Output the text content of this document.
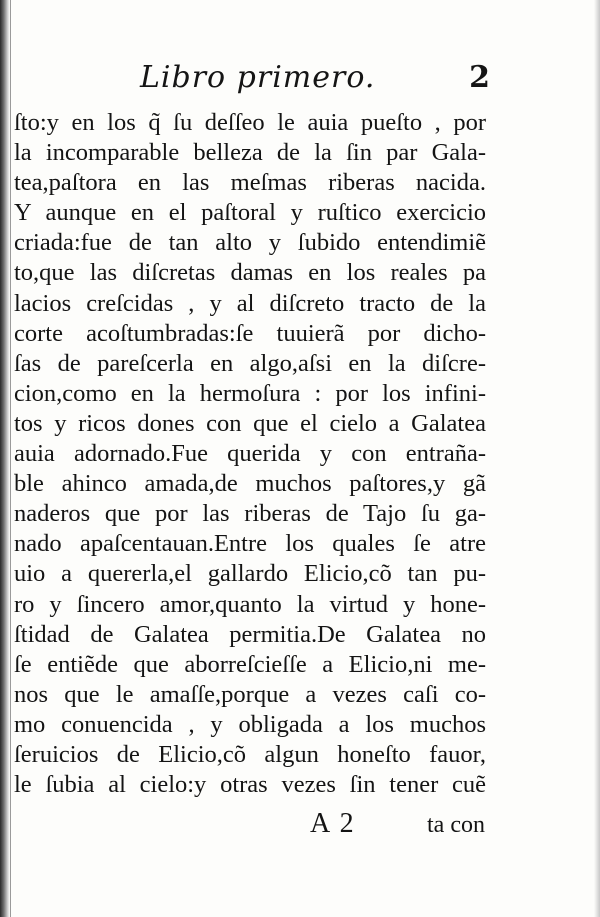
Libro primero.	2
ſto:y en los q̃ ſu deſſeo le auia pueſto , por
la incomparable belleza de la ſin par Gala-
tea,paſtora en las meſmas riberas nacida.
Y aunque en el paſtoral y ruſtico exercicio
criada:fue de tan alto y ſubido entendimiẽ
to,que las diſcretas damas en los reales pa
lacios creſcidas , y al diſcreto tracto de la
corte acoſtumbradas:ſe tuuierã por dicho-
ſas de pareſcerla en algo,aſsi en la diſcre-
cion,como en la hermoſura : por los infini-
tos y ricos dones con que el cielo a Galatea
auia adornado.Fue querida y con entraña-
ble ahinco amada,de muchos paſtores,y gã
naderos que por las riberas de Tajo ſu ga-
nado apaſcentauan.Entre los quales ſe atre
uio a quererla,el gallardo Elicio,cõ tan pu-
ro y ſincero amor,quanto la virtud y hone-
ſtidad de Galatea permitia.De Galatea no
ſe entiẽde que aborreſcieſſe a Elicio,ni me-
nos que le amaſſe,porque a vezes caſi co-
mo conuencida , y obligada a los muchos
ſeruicios de Elicio,cõ algun honeſto fauor,
le ſubia al cielo:y otras vezes ſin tener cuẽ
A 2	ta con
